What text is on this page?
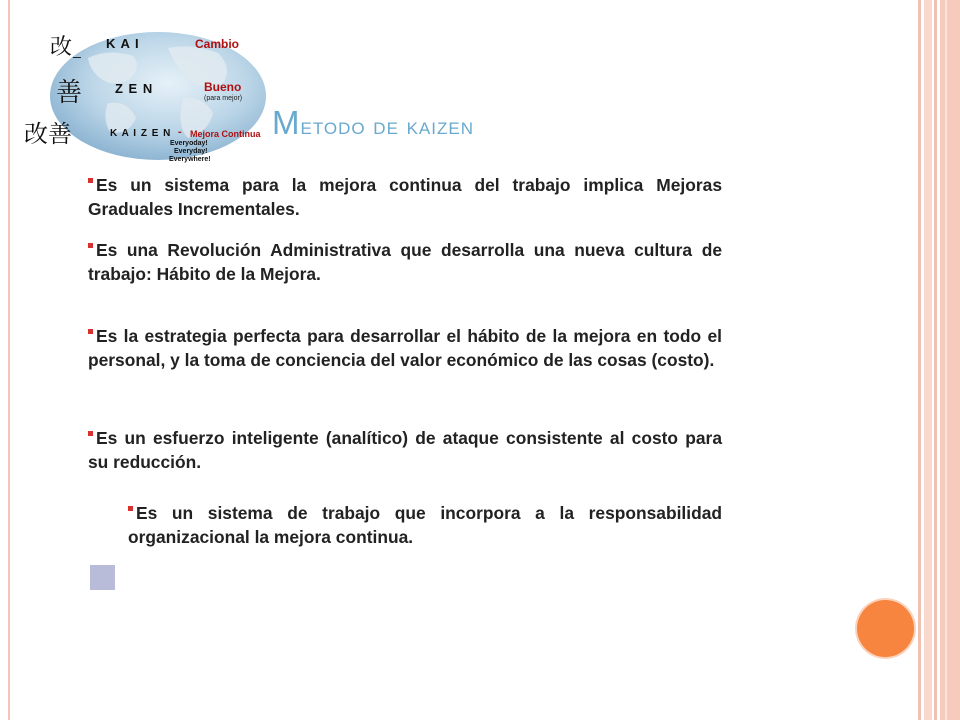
改 _ K A I	Cambio
善	Z E N	Bueno
(para mejor)
改善	K A I Z E N - Mejora Continua
Everyoday!
Everyday!
Everywhere!
Metodo de kaizen
Es un sistema para la mejora continua del trabajo implica Mejoras Graduales Incrementales.
Es una Revolución Administrativa que desarrolla una nueva cultura de trabajo: Hábito de la Mejora.
Es la estrategia perfecta para desarrollar el hábito de la mejora en todo el personal, y la toma de conciencia del valor económico de las cosas (costo).
Es un esfuerzo inteligente (analítico) de ataque consistente al costo para su reducción.
Es un sistema de trabajo que incorpora a la responsabilidad organizacional la mejora continua.
